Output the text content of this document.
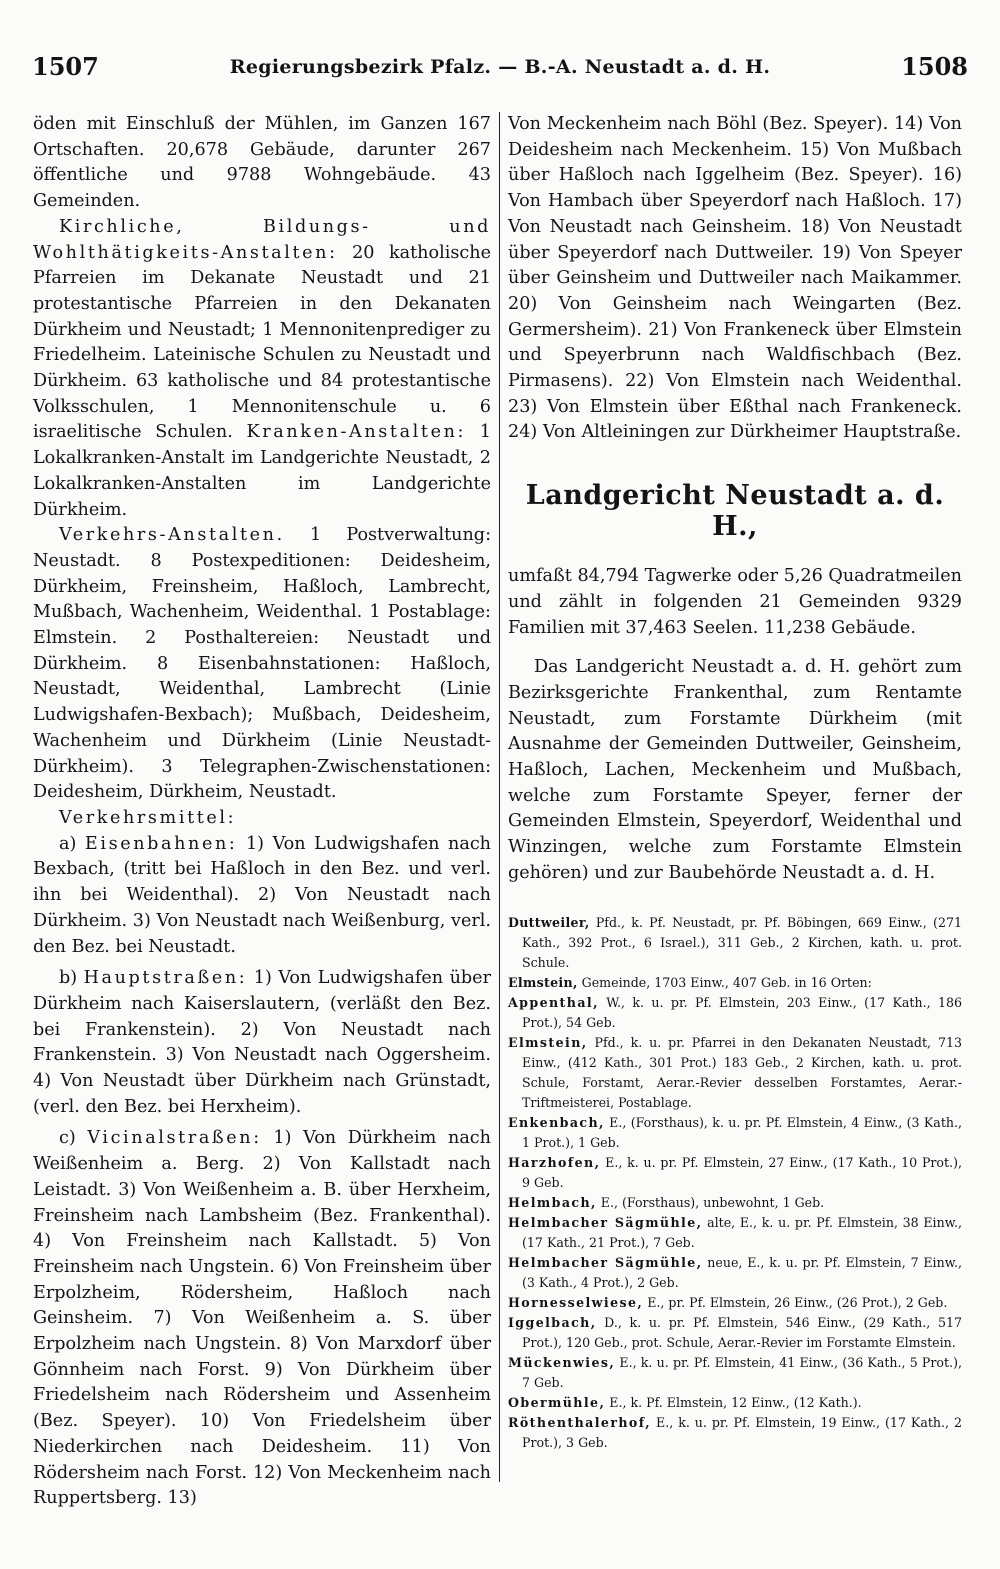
1507	Regierungsbezirk Pfalz. — B.-A. Neustadt a. d. H.	1508

öden mit Einschluß der Mühlen, im Ganzen 167 Ortschaften. 20,678 Gebäude, darunter 267 öffentliche und 9788 Wohngebäude. 43 Gemeinden.

Kirchliche, Bildungs- und Wohlthätigkeits-Anstalten: 20 katholische Pfarreien im Dekanate Neustadt und 21 protestantische Pfarreien in den Dekanaten Dürkheim und Neustadt; 1 Mennonitenprediger zu Friedelheim. Lateinische Schulen zu Neustadt und Dürkheim. 63 katholische und 84 protestantische Volksschulen, 1 Mennonitenschule u. 6 israelitische Schulen. Kranken-Anstalten: 1 Lokalkranken-Anstalt im Landgerichte Neustadt, 2 Lokalkranken-Anstalten im Landgerichte Dürkheim.

Verkehrs-Anstalten. 1 Postverwaltung: Neustadt. 8 Postexpeditionen: Deidesheim, Dürkheim, Freinsheim, Haßloch, Lambrecht, Mußbach, Wachenheim, Weidenthal. 1 Postablage: Elmstein. 2 Posthaltereien: Neustadt und Dürkheim. 8 Eisenbahnstationen: Haßloch, Neustadt, Weidenthal, Lambrecht (Linie Ludwigshafen-Bexbach); Mußbach, Deidesheim, Wachenheim und Dürkheim (Linie Neustadt-Dürkheim). 3 Telegraphen-Zwischenstationen: Deidesheim, Dürkheim, Neustadt.

Verkehrsmittel:

a) Eisenbahnen: 1) Von Ludwigshafen nach Bexbach, (tritt bei Haßloch in den Bez. und verl. ihn bei Weidenthal). 2) Von Neustadt nach Dürkheim. 3) Von Neustadt nach Weißenburg, verl. den Bez. bei Neustadt.

b) Hauptstraßen: 1) Von Ludwigshafen über Dürkheim nach Kaiserslautern, (verläßt den Bez. bei Frankenstein). 2) Von Neustadt nach Frankenstein. 3) Von Neustadt nach Oggersheim. 4) Von Neustadt über Dürkheim nach Grünstadt, (verl. den Bez. bei Herxheim).

c) Vicinalstraßen: 1) Von Dürkheim nach Weißenheim a. Berg. 2) Von Kallstadt nach Leistadt. 3) Von Weißenheim a. B. über Herxheim, Freinsheim nach Lambsheim (Bez. Frankenthal). 4) Von Freinsheim nach Kallstadt. 5) Von Freinsheim nach Ungstein. 6) Von Freinsheim über Erpolzheim, Rödersheim, Haßloch nach Geinsheim. 7) Von Weißenheim a. S. über Erpolzheim nach Ungstein. 8) Von Marxdorf über Gönnheim nach Forst. 9) Von Dürkheim über Friedelsheim nach Rödersheim und Assenheim (Bez. Speyer). 10) Von Friedelsheim über Niederkirchen nach Deidesheim. 11) Von Rödersheim nach Forst. 12) Von Meckenheim nach Ruppertsberg. 13)

Von Meckenheim nach Böhl (Bez. Speyer). 14) Von Deidesheim nach Meckenheim. 15) Von Mußbach über Haßloch nach Iggelheim (Bez. Speyer). 16) Von Hambach über Speyerdorf nach Haßloch. 17) Von Neustadt nach Geinsheim. 18) Von Neustadt über Speyerdorf nach Duttweiler. 19) Von Speyer über Geinsheim und Duttweiler nach Maikammer. 20) Von Geinsheim nach Weingarten (Bez. Germersheim). 21) Von Frankeneck über Elmstein und Speyerbrunn nach Waldfischbach (Bez. Pirmasens). 22) Von Elmstein nach Weidenthal. 23) Von Elmstein über Eßthal nach Frankeneck. 24) Von Altleiningen zur Dürkheimer Hauptstraße.

Landgericht Neustadt a. d. H.,

umfaßt 84,794 Tagwerke oder 5,26 Quadratmeilen und zählt in folgenden 21 Gemeinden 9329 Familien mit 37,463 Seelen. 11,238 Gebäude.

Das Landgericht Neustadt a. d. H. gehört zum Bezirksgerichte Frankenthal, zum Rentamte Neustadt, zum Forstamte Dürkheim (mit Ausnahme der Gemeinden Duttweiler, Geinsheim, Haßloch, Lachen, Meckenheim und Mußbach, welche zum Forstamte Speyer, ferner der Gemeinden Elmstein, Speyerdorf, Weidenthal und Winzingen, welche zum Forstamte Elmstein gehören) und zur Baubehörde Neustadt a. d. H.

Duttweiler, Pfd., k. Pf. Neustadt, pr. Pf. Böbingen, 669 Einw., (271 Kath., 392 Prot., 6 Israel.), 311 Geb., 2 Kirchen, kath. u. prot. Schule.

Elmstein, Gemeinde, 1703 Einw., 407 Geb. in 16 Orten:

Appenthal, W., k. u. pr. Pf. Elmstein, 203 Einw., (17 Kath., 186 Prot.), 54 Geb.

Elmstein, Pfd., k. u. pr. Pfarrei in den Dekanaten Neustadt, 713 Einw., (412 Kath., 301 Prot.) 183 Geb., 2 Kirchen, kath. u. prot. Schule, Forstamt, Aerar.-Revier desselben Forstamtes, Aerar.-Triftmeisterei, Postablage.

Enkenbach, E., (Forsthaus), k. u. pr. Pf. Elmstein, 4 Einw., (3 Kath., 1 Prot.), 1 Geb.

Harzhofen, E., k. u. pr. Pf. Elmstein, 27 Einw., (17 Kath., 10 Prot.), 9 Geb.

Helmbach, E., (Forsthaus), unbewohnt, 1 Geb.

Helmbacher Sägmühle, alte, E., k. u. pr. Pf. Elmstein, 38 Einw., (17 Kath., 21 Prot.), 7 Geb.

Helmbacher Sägmühle, neue, E., k. u. pr. Pf. Elmstein, 7 Einw., (3 Kath., 4 Prot.), 2 Geb.

Hornesselwiese, E., pr. Pf. Elmstein, 26 Einw., (26 Prot.), 2 Geb.

Iggelbach, D., k. u. pr. Pf. Elmstein, 546 Einw., (29 Kath., 517 Prot.), 120 Geb., prot. Schule, Aerar.-Revier im Forstamte Elmstein.

Mückenwies, E., k. u. pr. Pf. Elmstein, 41 Einw., (36 Kath., 5 Prot.), 7 Geb.

Obermühle, E., k. Pf. Elmstein, 12 Einw., (12 Kath.).

Röthenthalerhof, E., k. u. pr. Pf. Elmstein, 19 Einw., (17 Kath., 2 Prot.), 3 Geb.
